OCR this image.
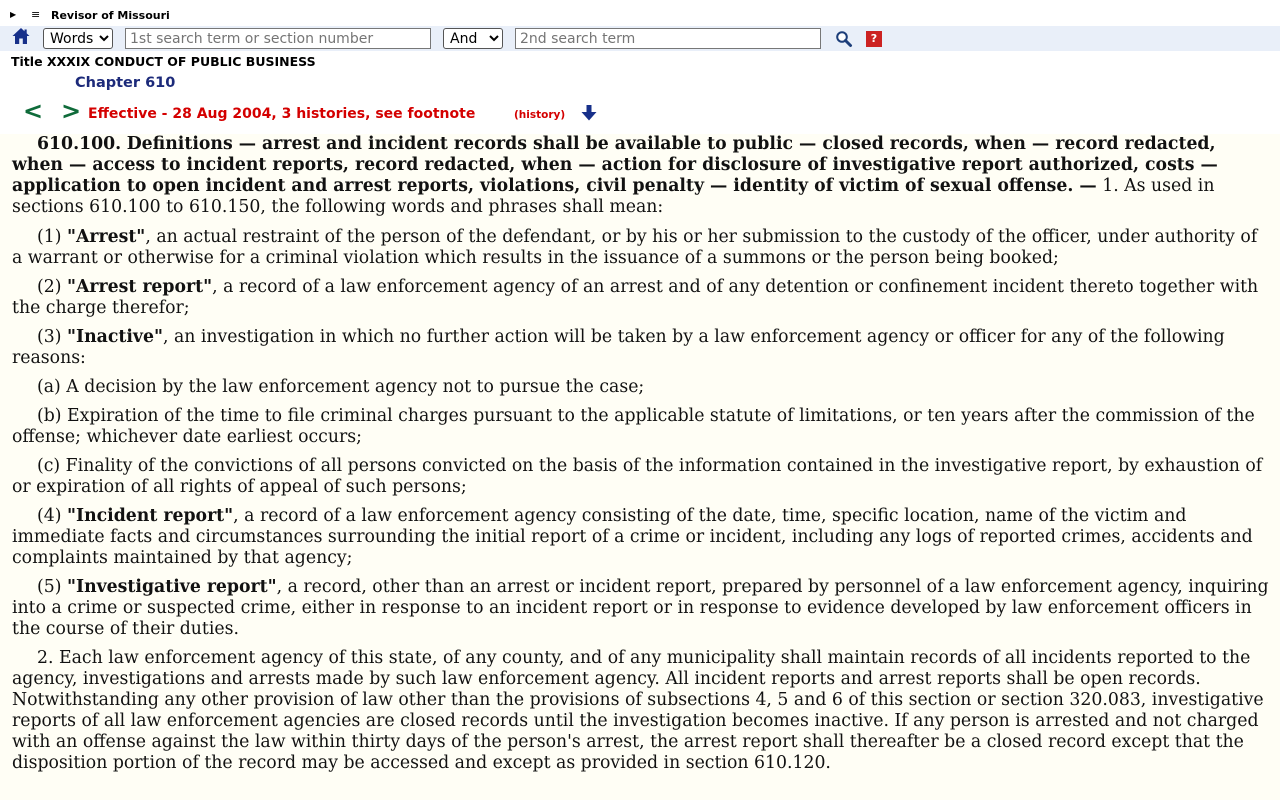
▶ ≡ Revisor of Missouri
Words
1st search term or section number
And
2nd search term
?
Title XXXIX CONDUCT OF PUBLIC BUSINESS
Chapter 610
< > Effective - 28 Aug 2004, 3 histories, see footnote	(history)

610.100. Definitions — arrest and incident records shall be available to public — closed records, when — record redacted, when — access to incident reports, record redacted, when — action for disclosure of investigative report authorized, costs — application to open incident and arrest reports, violations, civil penalty — identity of victim of sexual offense. — 1. As used in sections 610.100 to 610.150, the following words and phrases shall mean:

(1) "Arrest", an actual restraint of the person of the defendant, or by his or her submission to the custody of the officer, under authority of a warrant or otherwise for a criminal violation which results in the issuance of a summons or the person being booked;

(2) "Arrest report", a record of a law enforcement agency of an arrest and of any detention or confinement incident thereto together with the charge therefor;

(3) "Inactive", an investigation in which no further action will be taken by a law enforcement agency or officer for any of the following reasons:

(a) A decision by the law enforcement agency not to pursue the case;

(b) Expiration of the time to file criminal charges pursuant to the applicable statute of limitations, or ten years after the commission of the offense; whichever date earliest occurs;

(c) Finality of the convictions of all persons convicted on the basis of the information contained in the investigative report, by exhaustion of or expiration of all rights of appeal of such persons;

(4) "Incident report", a record of a law enforcement agency consisting of the date, time, specific location, name of the victim and immediate facts and circumstances surrounding the initial report of a crime or incident, including any logs of reported crimes, accidents and complaints maintained by that agency;

(5) "Investigative report", a record, other than an arrest or incident report, prepared by personnel of a law enforcement agency, inquiring into a crime or suspected crime, either in response to an incident report or in response to evidence developed by law enforcement officers in the course of their duties.

2. Each law enforcement agency of this state, of any county, and of any municipality shall maintain records of all incidents reported to the agency, investigations and arrests made by such law enforcement agency. All incident reports and arrest reports shall be open records. Notwithstanding any other provision of law other than the provisions of subsections 4, 5 and 6 of this section or section 320.083, investigative reports of all law enforcement agencies are closed records until the investigation becomes inactive. If any person is arrested and not charged with an offense against the law within thirty days of the person's arrest, the arrest report shall thereafter be a closed record except that the disposition portion of the record may be accessed and except as provided in section 610.120.
